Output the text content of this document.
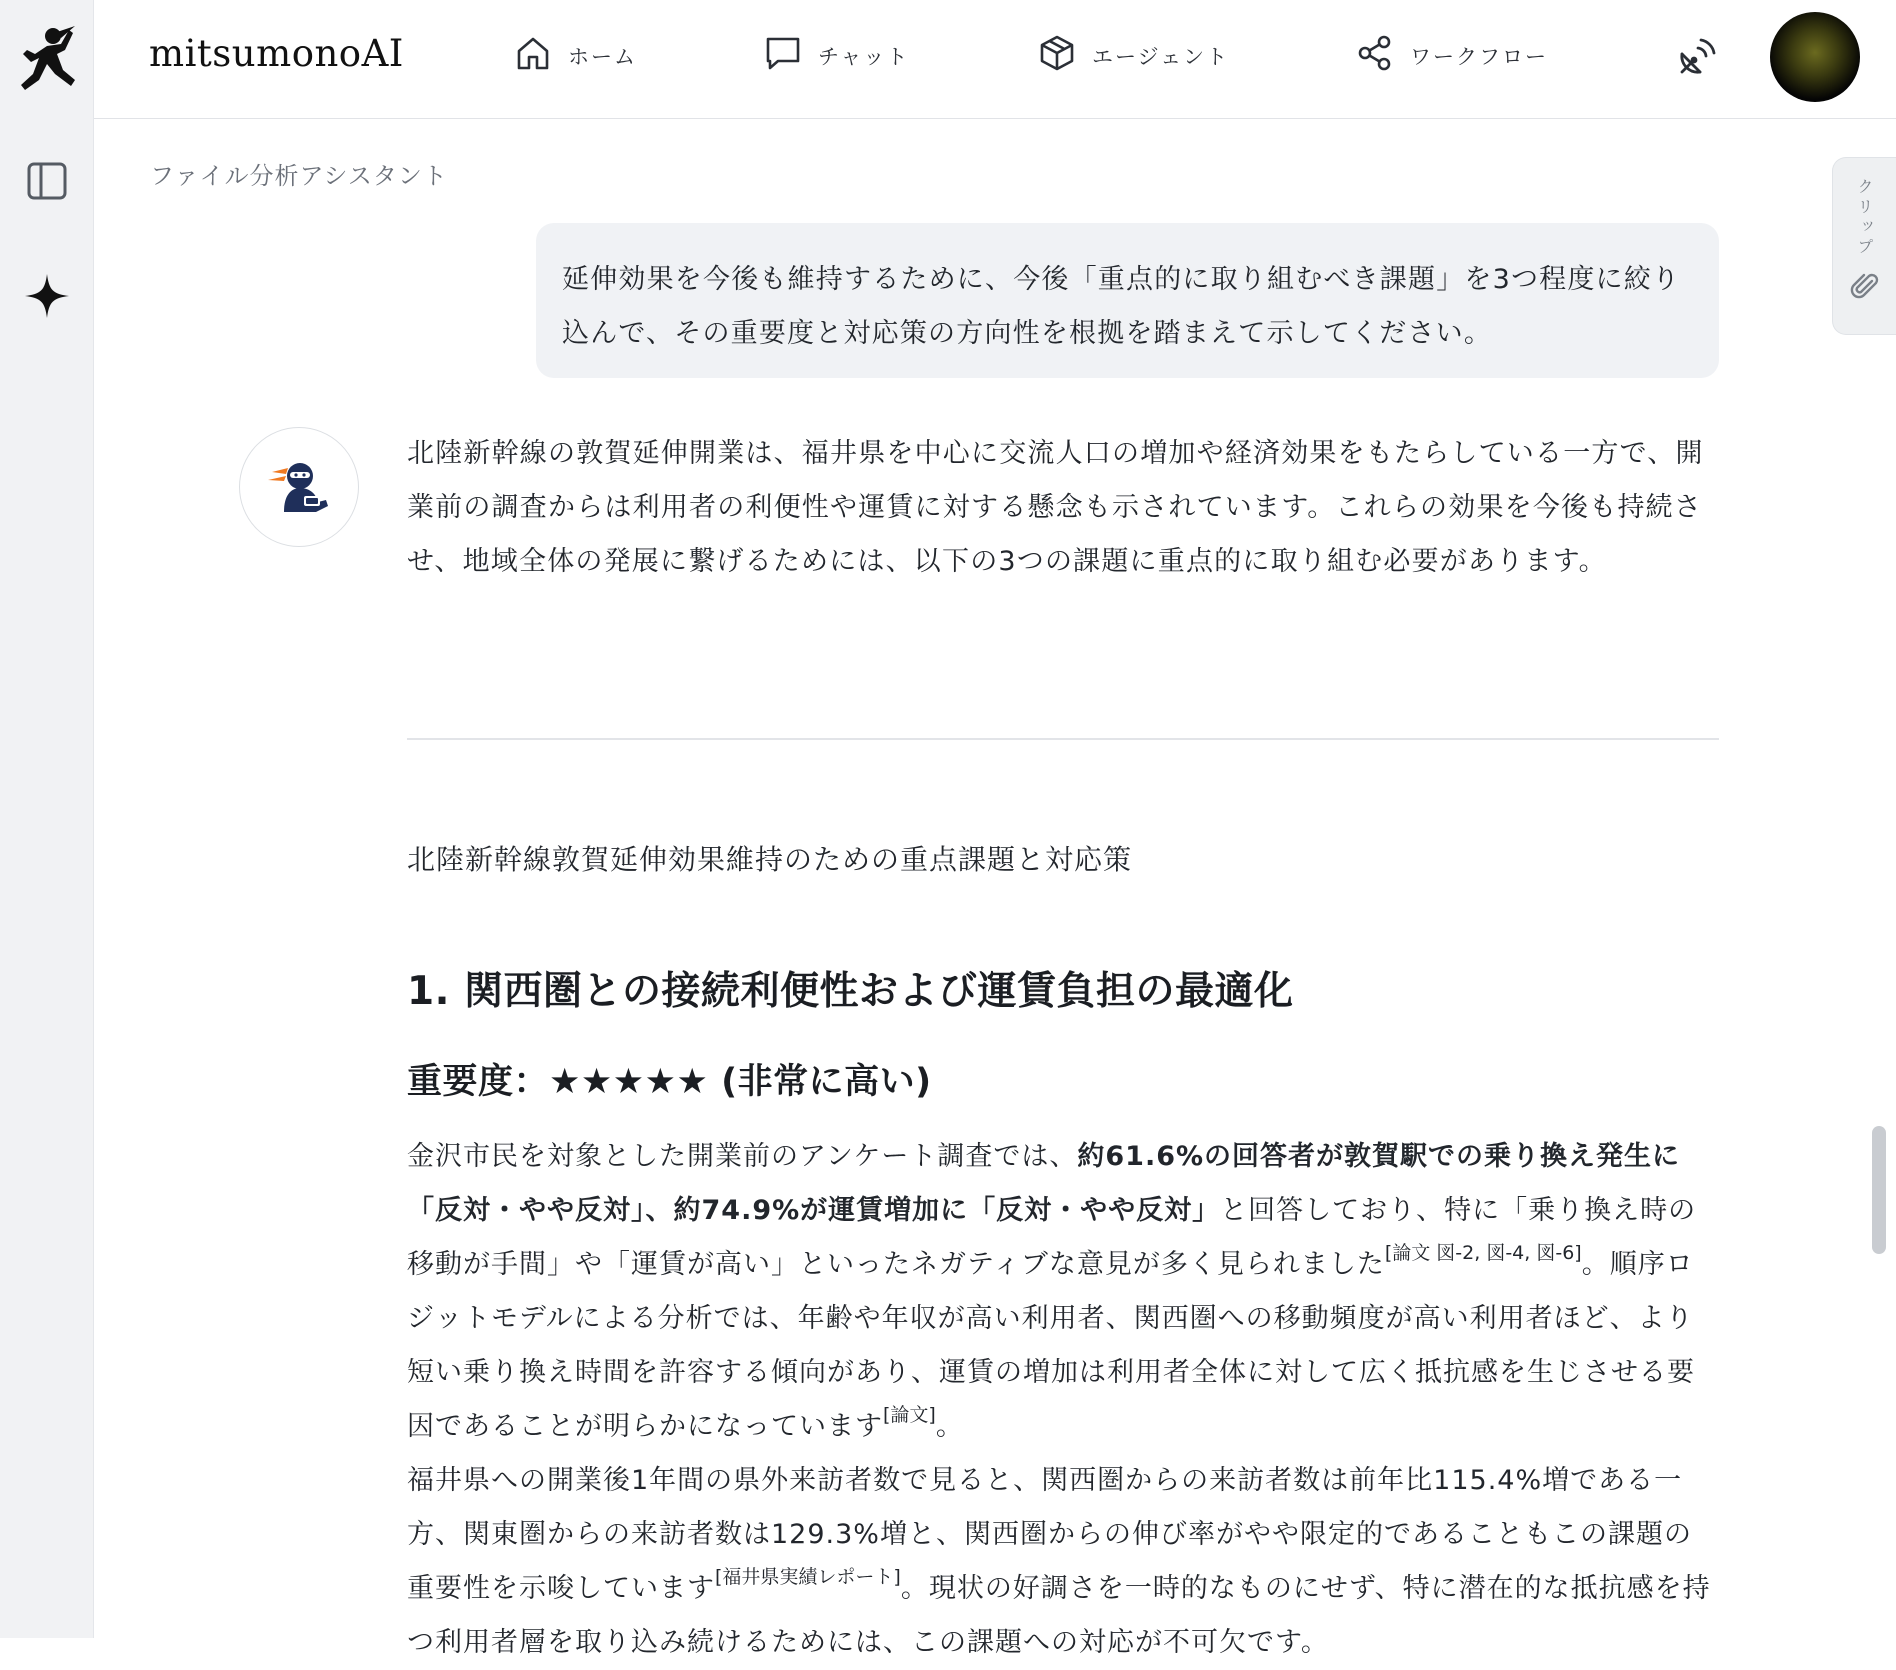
mitsumonoAI	ホーム	チャット	エージェント	ワークフロー
クリップ
ファイル分析アシスタント
延伸効果を今後も維持するために、今後「重点的に取り組むべき課題」を3つ程度に絞り込んで、その重要度と対応策の方向性を根拠を踏まえて示してください。
北陸新幹線の敦賀延伸開業は、福井県を中心に交流人口の増加や経済効果をもたらしている一方で、開業前の調査からは利用者の利便性や運賃に対する懸念も示されています。これらの効果を今後も持続させ、地域全体の発展に繋げるためには、以下の3つの課題に重点的に取り組む必要があります。
北陸新幹線敦賀延伸効果維持のための重点課題と対応策
1. 関西圏との接続利便性および運賃負担の最適化
重要度：★★★★★ (非常に高い)
金沢市民を対象とした開業前のアンケート調査では、約61.6%の回答者が敦賀駅での乗り換え発生に「反対・やや反対」、約74.9%が運賃増加に「反対・やや反対」と回答しており、特に「乗り換え時の移動が手間」や「運賃が高い」といったネガティブな意見が多く見られました[論文 図-2, 図-4, 図-6]。順序ロジットモデルによる分析では、年齢や年収が高い利用者、関西圏への移動頻度が高い利用者ほど、より短い乗り換え時間を許容する傾向があり、運賃の増加は利用者全体に対して広く抵抗感を生じさせる要因であることが明らかになっています[論文]。
福井県への開業後1年間の県外来訪者数で見ると、関西圏からの来訪者数は前年比115.4%増である一方、関東圏からの来訪者数は129.3%増と、関西圏からの伸び率がやや限定的であることもこの課題の重要性を示唆しています[福井県実績レポート]。現状の好調さを一時的なものにせず、特に潜在的な抵抗感を持つ利用者層を取り込み続けるためには、この課題への対応が不可欠です。
